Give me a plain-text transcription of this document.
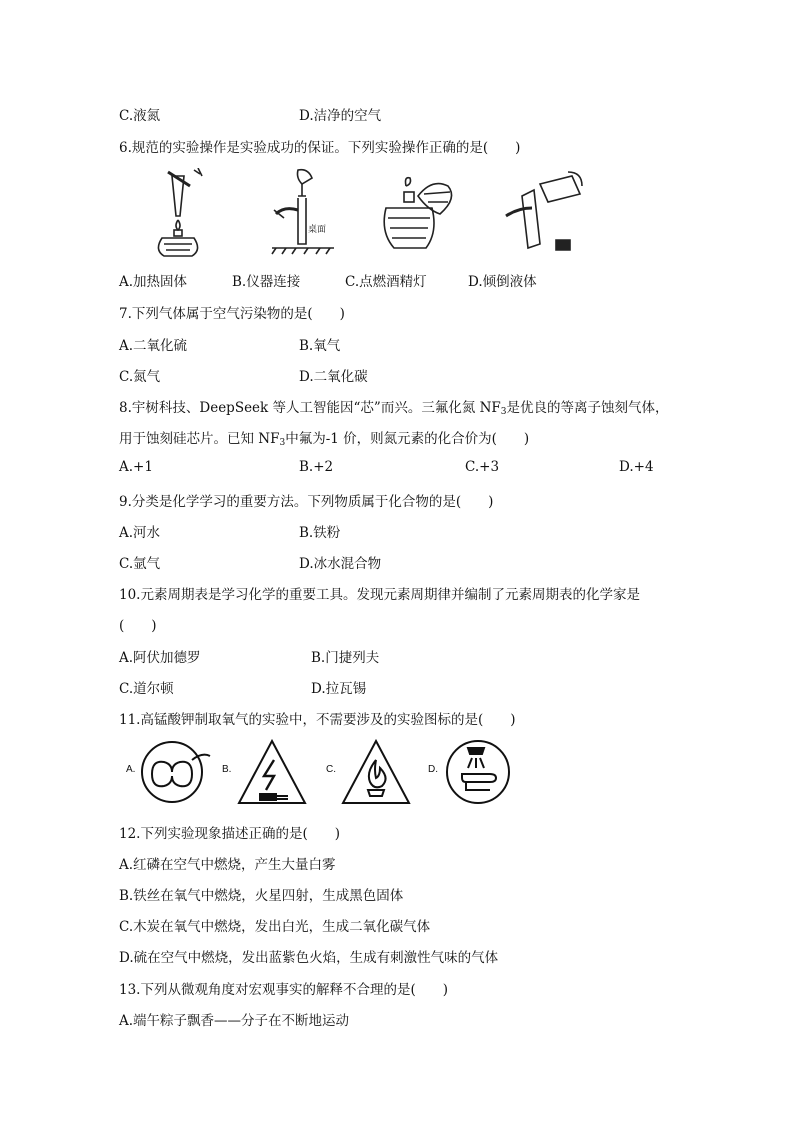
C.液氮	D.洁净的空气
6.规范的实验操作是实验成功的保证。下列实验操作正确的是(　　)
桌面
A.加热固体	B.仪器连接	C.点燃酒精灯	D.倾倒液体
7.下列气体属于空气污染物的是(　　)
A.二氧化硫	B.氧气
C.氮气	D.二氧化碳
8.宇树科技、DeepSeek 等人工智能因“芯”而兴。三氟化氮 $NF_3$是优良的等离子蚀刻气体，
用于蚀刻硅芯片。已知 $NF_3$中氟为-1 价，则氮元素的化合价为(　　)
A.+1	B.+2	C.+3	D.+4
9.分类是化学学习的重要方法。下列物质属于化合物的是(　　)
A.河水	B.铁粉
C.氩气	D.冰水混合物
10.元素周期表是学习化学的重要工具。发现元素周期律并编制了元素周期表的化学家是
(　　)
A.阿伏加德罗	B.门捷列夫
C.道尔顿	D.拉瓦锡
11.高锰酸钾制取氧气的实验中，不需要涉及的实验图标的是(　　)
A.	B.	C.	D.
12.下列实验现象描述正确的是(　　)
A.红磷在空气中燃烧，产生大量白雾
B.铁丝在氧气中燃烧，火星四射，生成黑色固体
C.木炭在氧气中燃烧，发出白光，生成二氧化碳气体
D.硫在空气中燃烧，发出蓝紫色火焰，生成有刺激性气味的气体
13.下列从微观角度对宏观事实的解释不合理的是(　　)
A.端午粽子飘香——分子在不断地运动
